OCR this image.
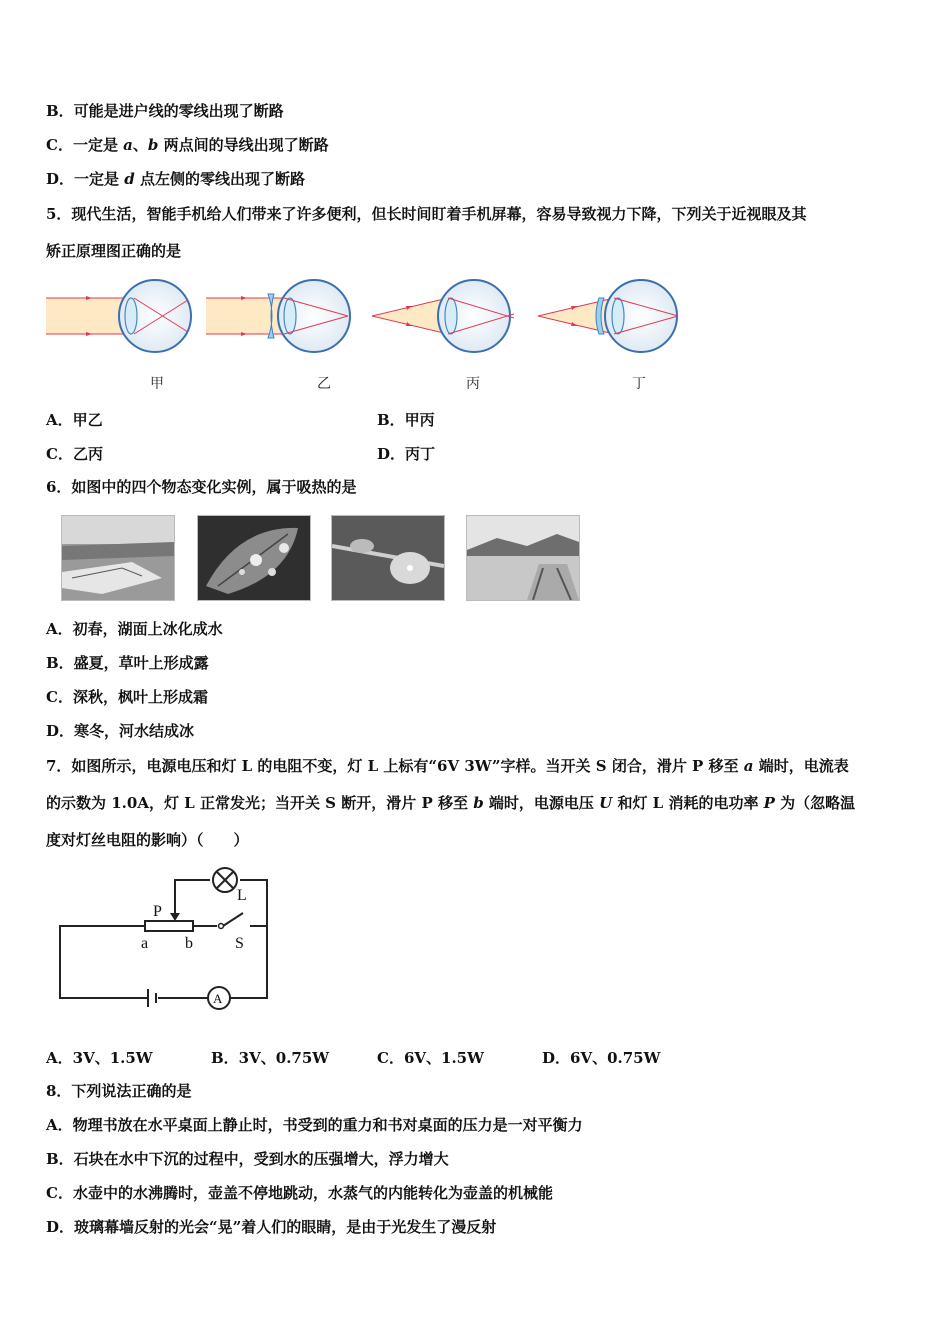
B．可能是进户线的零线出现了断路
C．一定是 a、b 两点间的导线出现了断路
D．一定是 d 点左侧的零线出现了断路
5．现代生活，智能手机给人们带来了许多便利，但长时间盯着手机屏幕，容易导致视力下降，下列关于近视眼及其
矫正原理图正确的是
甲	乙	丙	丁
A．甲乙	B．甲丙
C．乙丙	D．丙丁
6．如图中的四个物态变化实例，属于吸热的是
A．初春，湖面上冰化成水
B．盛夏，草叶上形成露
C．深秋，枫叶上形成霜
D．寒冬，河水结成冰
7．如图所示，电源电压和灯 L 的电阻不变，灯 L 上标有“6V 3W”字样。当开关 S 闭合，滑片 P 移至 a 端时，电流表
的示数为 1.0A，灯 L 正常发光；当开关 S 断开，滑片 P 移至 b 端时，电源电压 U 和灯 L 消耗的电功率 P 为（忽略温
度对灯丝电阻的影响）（　　）
P
a b	S
L
A
A．3V、1.5W	B．3V、0.75W	C．6V、1.5W	D．6V、0.75W
8．下列说法正确的是
A．物理书放在水平桌面上静止时，书受到的重力和书对桌面的压力是一对平衡力
B．石块在水中下沉的过程中，受到水的压强增大，浮力增大
C．水壶中的水沸腾时，壶盖不停地跳动，水蒸气的内能转化为壶盖的机械能
D．玻璃幕墙反射的光会“晃”着人们的眼睛，是由于光发生了漫反射
